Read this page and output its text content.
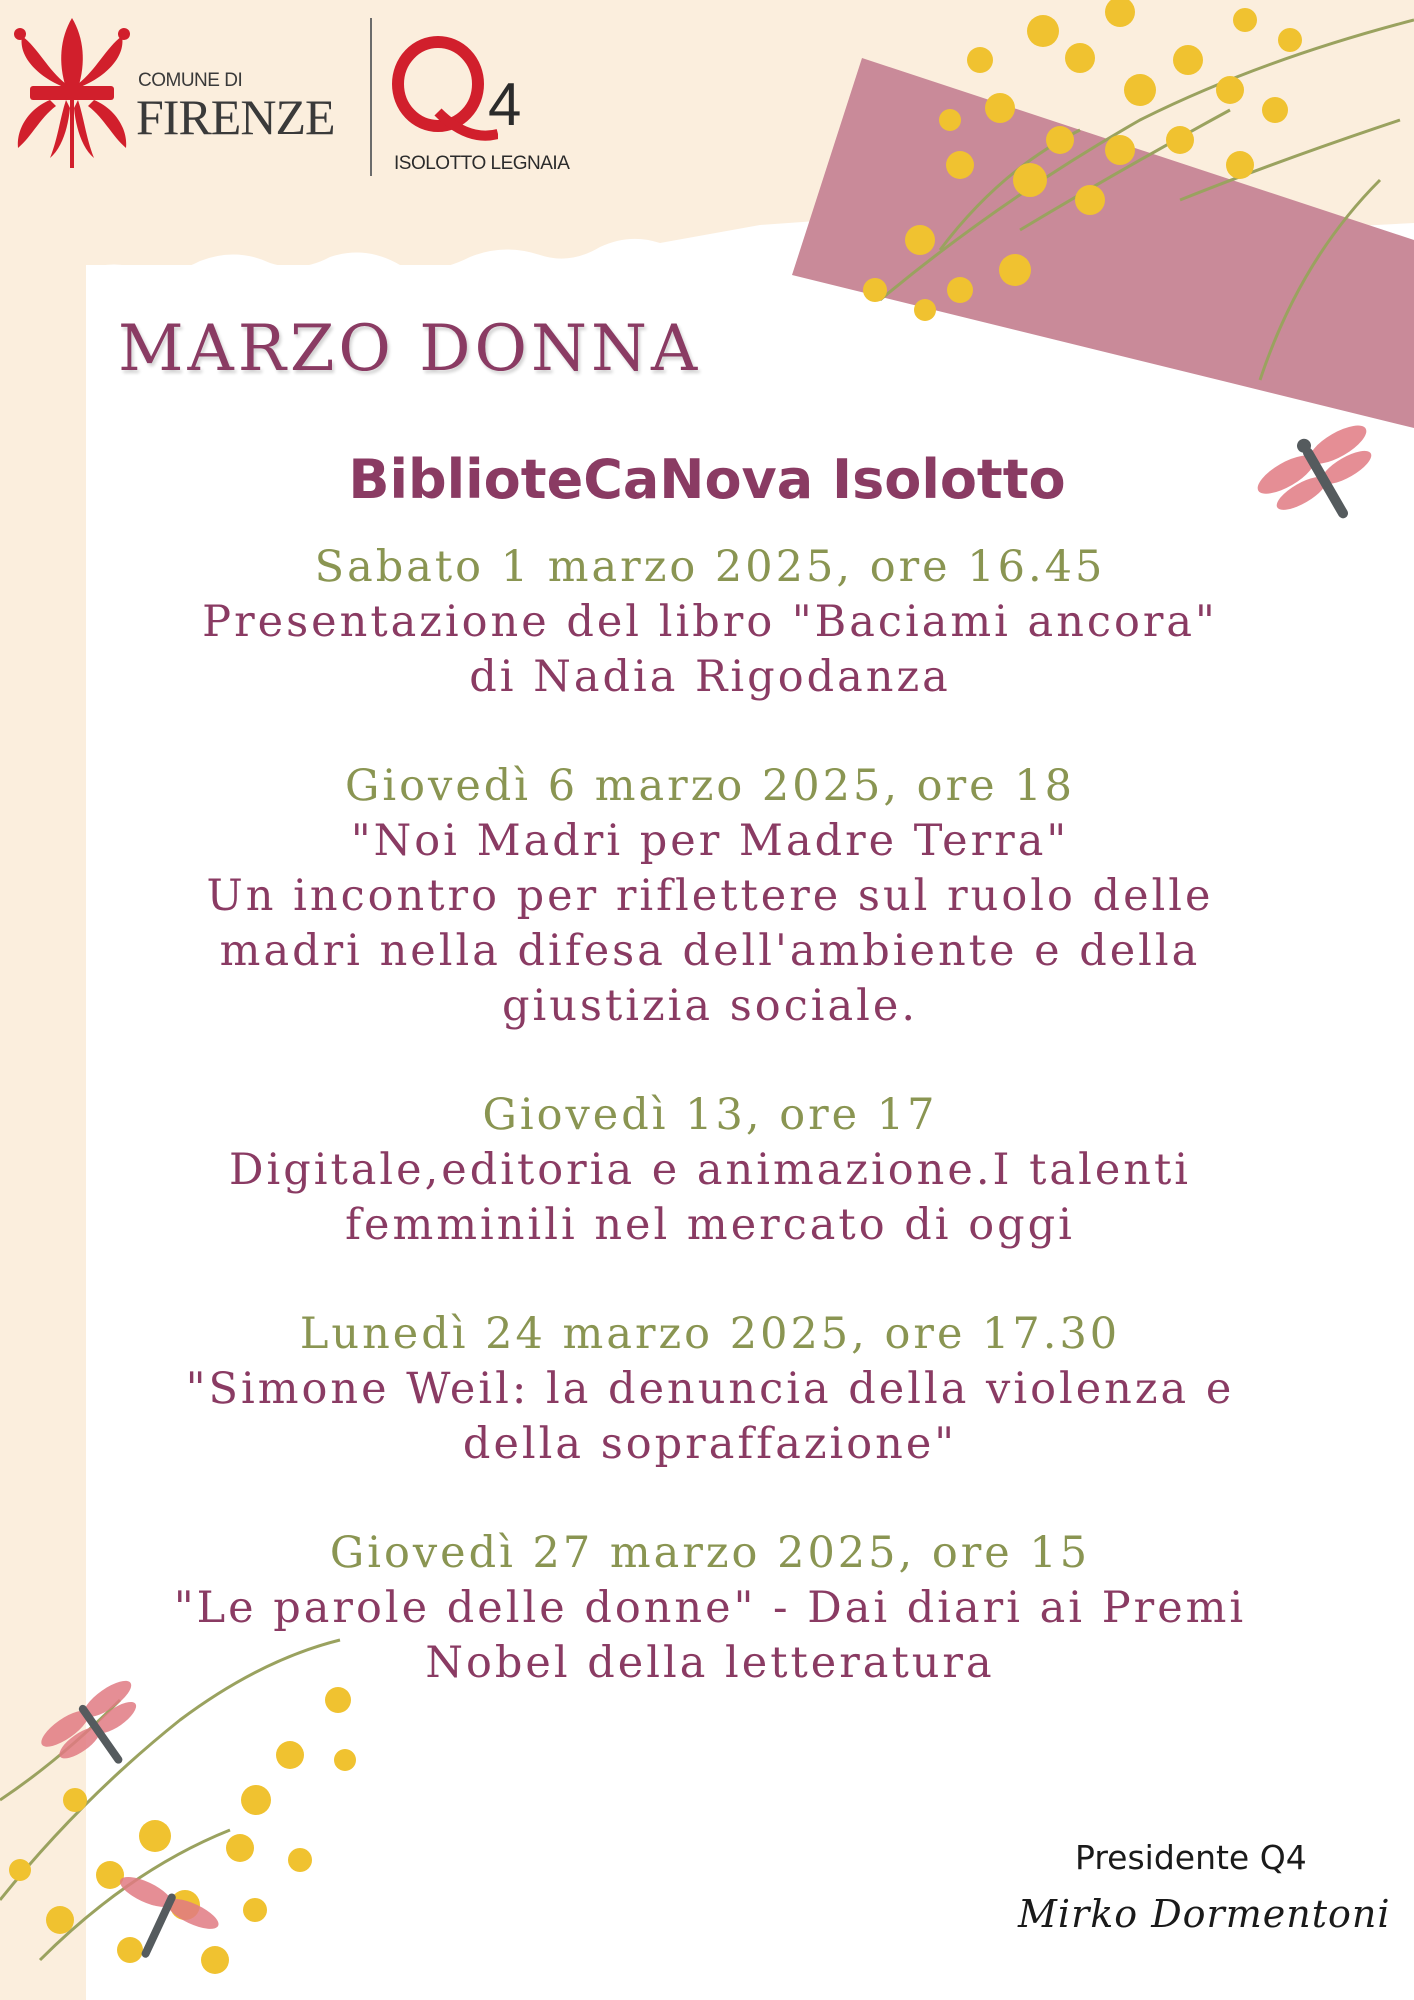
COMUNE DI
FIRENZE	4
ISOLOTTO LEGNAIA
MARZO DONNA
BiblioteCaNova Isolotto
Sabato 1 marzo 2025, ore 16.45
Presentazione del libro "Baciami ancora"
di Nadia Rigodanza
Giovedì 6 marzo 2025, ore 18
"Noi Madri per Madre Terra"
Un incontro per riflettere sul ruolo delle
madri nella difesa dell'ambiente e della
giustizia sociale.
Giovedì 13, ore 17
Digitale,editoria e animazione.I talenti
femminili nel mercato di oggi
Lunedì 24 marzo 2025, ore 17.30
"Simone Weil: la denuncia della violenza e
della sopraffazione"
Giovedì 27 marzo 2025, ore 15
"Le parole delle donne" - Dai diari ai Premi
Nobel della letteratura
Presidente Q4
Mirko Dormentoni
